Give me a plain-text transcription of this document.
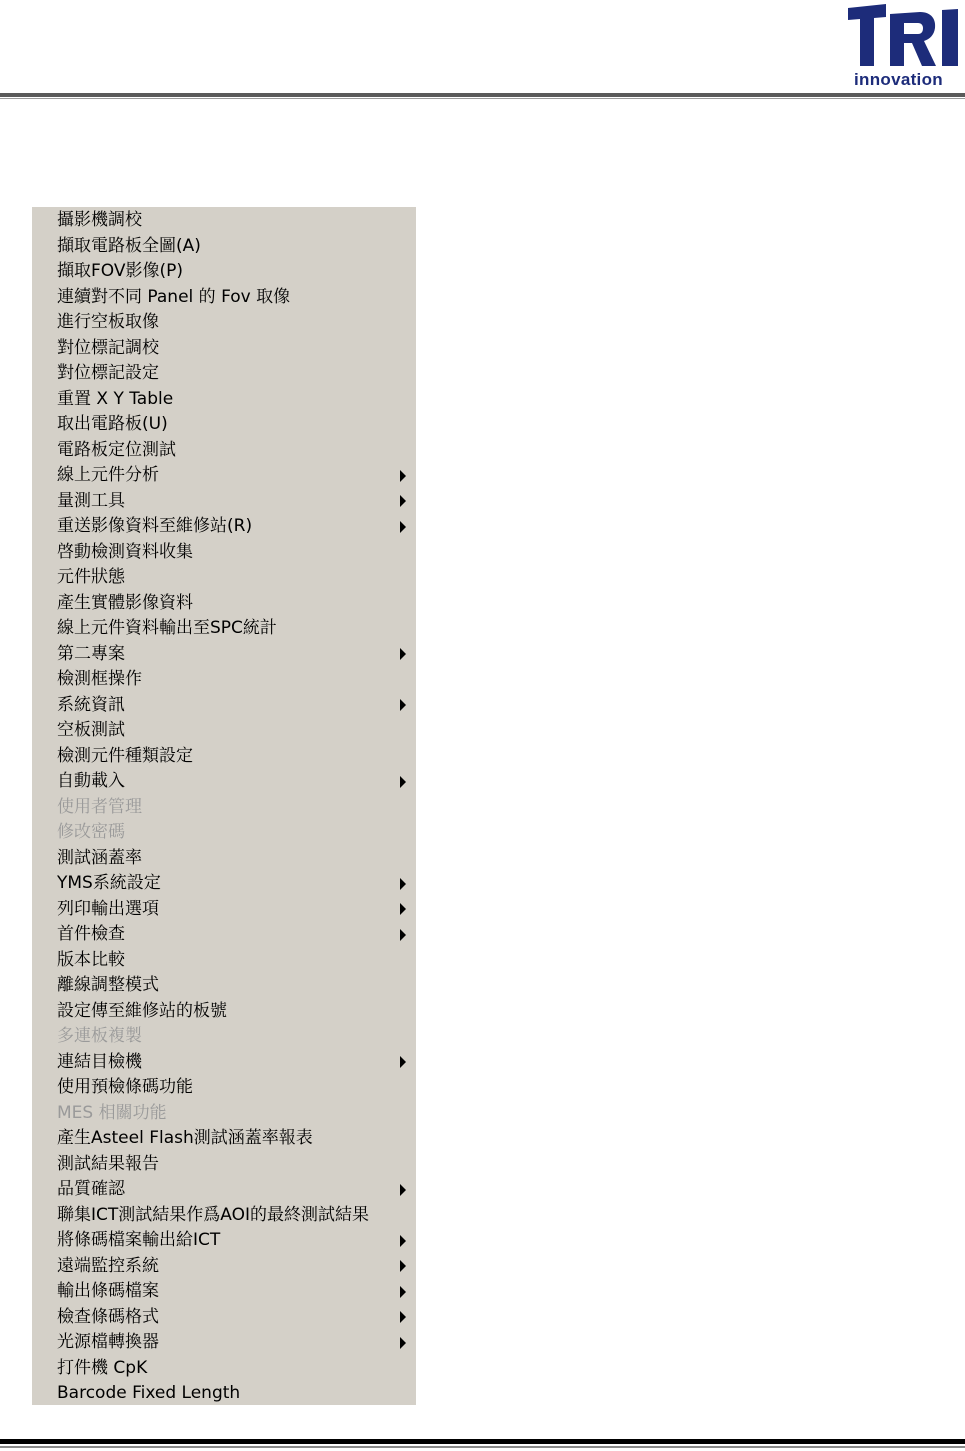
innovation
攝影機調校
擷取電路板全圖(A)
擷取FOV影像(P)
連續對不同 Panel 的 Fov 取像
進行空板取像
對位標記調校
對位標記設定
重置 X Y Table
取出電路板(U)
電路板定位測試
線上元件分析
量測工具
重送影像資料至維修站(R)
啓動檢測資料收集
元件狀態
產生實體影像資料
線上元件資料輸出至SPC統計
第二專案
檢測框操作
系統資訊
空板測試
檢測元件種類設定
自動載入
使用者管理
修改密碼
測試涵蓋率
YMS系統設定
列印輸出選項
首件檢查
版本比較
離線調整模式
設定傳至維修站的板號
多連板複製
連結目檢機
使用預檢條碼功能
MES 相關功能
產生Asteel Flash測試涵蓋率報表
測試結果報告
品質確認
聯集ICT測試結果作爲AOI的最終測試結果
將條碼檔案輸出給ICT
遠端監控系統
輸出條碼檔案
檢查條碼格式
光源檔轉換器
打件機 CpK
Barcode Fixed Length
